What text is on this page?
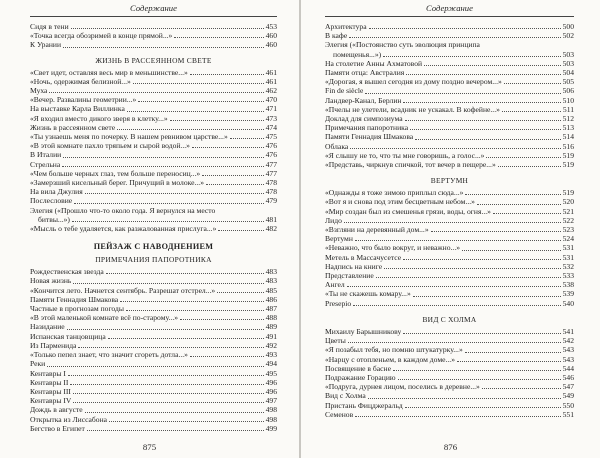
Содержание
Сидя в тени	453
«Точка всегда обозримей в конце прямой...»	460
К Урании	460
ЖИЗНЬ В РАССЕЯННОМ СВЕТЕ
«Свет идет, оставляя весь мир в меньшинстве...»	461
«Ночь, одержимая белизной...»	461
Муха	462
«Вечер. Развалины геометрии...»	470
На выставке Карла Виллинка	471
«Я входил вместо дикого зверя в клетку...»	473
Жизнь в рассеянном свете	474
«Ты узнаешь меня по почерку. В нашем ревнивом царстве...»	475
«В этой комнате пахло тряпьем и сырой водой...»	476
В Италии	476
Стрельна	477
«Чем больше черных глаз, тем больше переносиц...»	477
«Замерзший кисельный берег. Причущий в молоке...»	478
На вилa Джулия	478
Послесловие	479
Элегия («Прошло что-то около года. Я вернулся на место
битвы...»)	481
«Мысль о тебе удаляется, как разжалованная прислуга...»	482
ПЕЙЗАЖ С НАВОДНЕНИЕМ
ПРИМЕЧАНИЯ ПАПОРОТНИКА
Рождественская звезда	483
Новая жизнь	483
«Кончится лето. Начнется сентябрь. Разрешат отстрел...»	485
Памяти Геннадия Шмакова	486
Частные в прогнозам погоды	487
«В этой маленькой комнате всё по-старому...»	488
Назидание	489
Испанская танцовщица	491
Из Парменида	492
«Только пепел знает, что значит сгореть дотла...»	493
Реки	494
Кентавры I	495
Кентавры II	496
Кентавры III	496
Кентавры IV	497
Дождь в августе	498
Открытка из Лиссабона	498
Бегство в Египет	499
875
Содержание
Архитектура	500
В кафе	502
Элегия («Постоянство суть эволюция принципа
помещенья...»)	503
На столетие Анны Ахматовой	503
Памяти отца: Австралия	504
«Дорогая, я вышел сегодня из дому поздно вечером...»	505
Fin de siècle	506
Ландвер-Канал, Берлин	510
«Пчелы не улетели, всадник не ускакал. В кофейне...»	511
Доклад для симпозиума	512
Примечания папоротника	513
Памяти Геннадия Шмакова	514
Облака	516
«Я слышу не то, что ты мне говоришь, а голос...»	519
«Представь, чиркнув спичкой, тот вечер в пещере...»	519
ВЕРТУМН
«Однажды я тоже зимою приплыл сюда...»	519
«Вот я и снова под этим бесцветным небом...»	520
«Мир создан был из смешенья грязи, воды, огня...»	521
Лидо	522
«Взгляни на деревянный дом...»	523
Вертумн	524
«Неважно, что было вокруг, и неважно...»	531
Метель в Массачусетсе	531
Надпись на книге	532
Представление	533
Ангел	538
«Ты не скажешь комару...»	539
Presepio	540
ВИД С ХОЛМА
Михаилу Барышникову	541
Цветы	542
«Я позабыл тебя, но помню штукатурку...»	543
«Нарцу с отопленьем, в каждом доме...»	543
Посвящение в басне	544
Подражание Горацию	546
«Подруга, дурнея лицом, поселись в деревне...»	547
Вид с Холма	549
Пристань Фицджеральд	550
Семенов	551
876
